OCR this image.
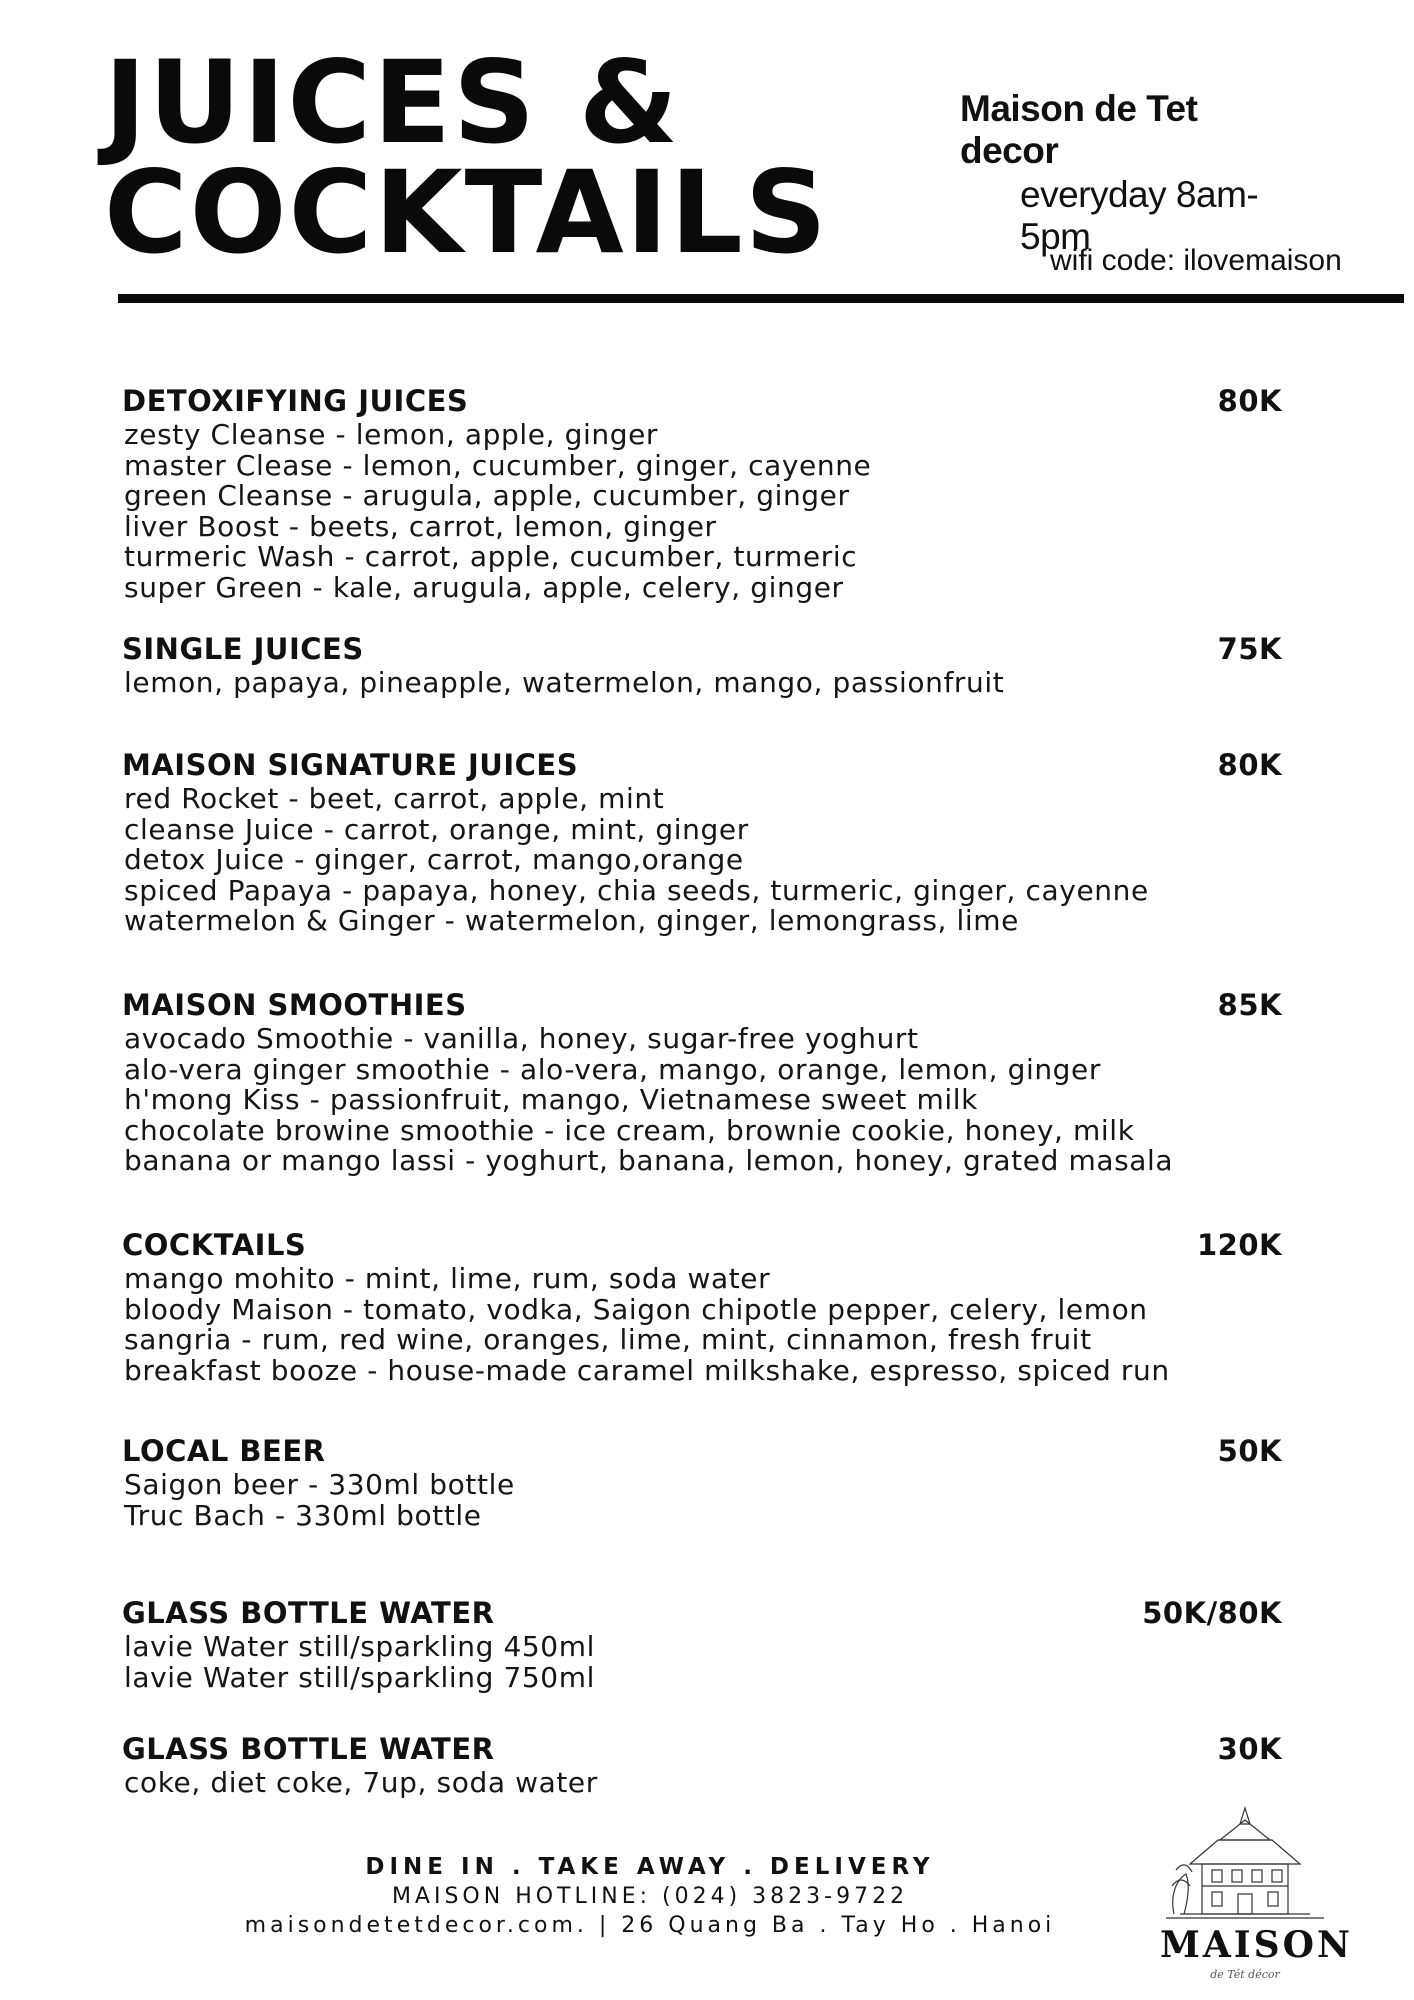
JUICES &
COCKTAILS
Maison de Tet decor
everyday 8am-5pm
wifi code: ilovemaison
DETOXIFYING JUICES	80K
zesty Cleanse - lemon, apple, ginger
master Clease - lemon, cucumber, ginger, cayenne
green Cleanse - arugula, apple, cucumber, ginger
liver Boost - beets, carrot, lemon, ginger
turmeric Wash - carrot, apple, cucumber, turmeric
super Green - kale, arugula, apple, celery, ginger
SINGLE JUICES	75K
lemon, papaya, pineapple, watermelon, mango, passionfruit
MAISON SIGNATURE JUICES	80K
red Rocket - beet, carrot, apple, mint
cleanse Juice - carrot, orange, mint, ginger
detox Juice - ginger, carrot, mango,orange
spiced Papaya - papaya, honey, chia seeds, turmeric, ginger, cayenne
watermelon & Ginger - watermelon, ginger, lemongrass, lime
MAISON SMOOTHIES	85K
avocado Smoothie - vanilla, honey, sugar-free yoghurt
alo-vera ginger smoothie - alo-vera, mango, orange, lemon, ginger
h'mong Kiss - passionfruit, mango, Vietnamese sweet milk
chocolate browine smoothie - ice cream, brownie cookie, honey, milk
banana or mango lassi - yoghurt, banana, lemon, honey, grated masala
COCKTAILS	120K
mango mohito - mint, lime, rum, soda water
bloody Maison - tomato, vodka, Saigon chipotle pepper, celery, lemon
sangria - rum, red wine, oranges, lime, mint, cinnamon, fresh fruit
breakfast booze - house-made caramel milkshake, espresso, spiced run
LOCAL BEER	50K
Saigon beer - 330ml bottle
Truc Bach - 330ml bottle
GLASS BOTTLE WATER	50K/80K
lavie Water still/sparkling 450ml
lavie Water still/sparkling 750ml
GLASS BOTTLE WATER	30K
coke, diet coke, 7up, soda water
DINE IN . TAKE AWAY . DELIVERY
MAISON HOTLINE: (024) 3823-9722
maisondetetdecor.com. | 26 Quang Ba . Tay Ho . Hanoi	MAISON
de Tét décor
